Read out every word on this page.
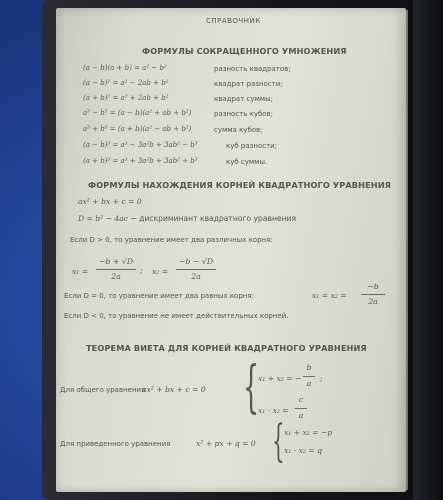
СПРАВОЧНИК
ФОРМУЛЫ СОКРАЩЕННОГО УМНОЖЕНИЯ
(a − b)(a + b) = a² − b²	разность квадратов;
(a − b)² = a² − 2ab + b²	квадрат разности;
(a + b)² = a² + 2ab + b²	квадрат суммы;
a³ − b³ = (a − b)(a² + ab + b²)	разность кубов;
a³ + b³ = (a + b)(a² − ab + b²)	сумма кубов;
(a − b)³ = a³ − 3a²b + 3ab² − b³	куб разности;
(a + b)³ = a³ + 3a²b + 3ab² + b³	куб суммы.
ФОРМУЛЫ НАХОЖДЕНИЯ КОРНЕЙ КВАДРАТНОГО УРАВНЕНИЯ
ax² + bx + c = 0
D = b² − 4ac − дискриминант квадратного уравнения
Если D > 0, то уравнение имеет два различных корня:
x₁ =
−b + √D
2a
; x₂ =
−b − √D
2a
Если D = 0, то уравнение имеет два равных корня:	x₁ = x₂ =
−b
2a
Если D < 0, то уравнение не имеет действительных корней.
ТЕОРЕМА ВИЕТА ДЛЯ КОРНЕЙ КВАДРАТНОГО УРАВНЕНИЯ
Для общего уравнения
ax² + bx + c = 0 {
x₁ + x₂ = −
b
a
;
x₁ · x₂ =
c
a
Для приведенного уравнения	x² + px + q = 0 { x₁ + x₂ = −p
x₁ · x₂ = q
